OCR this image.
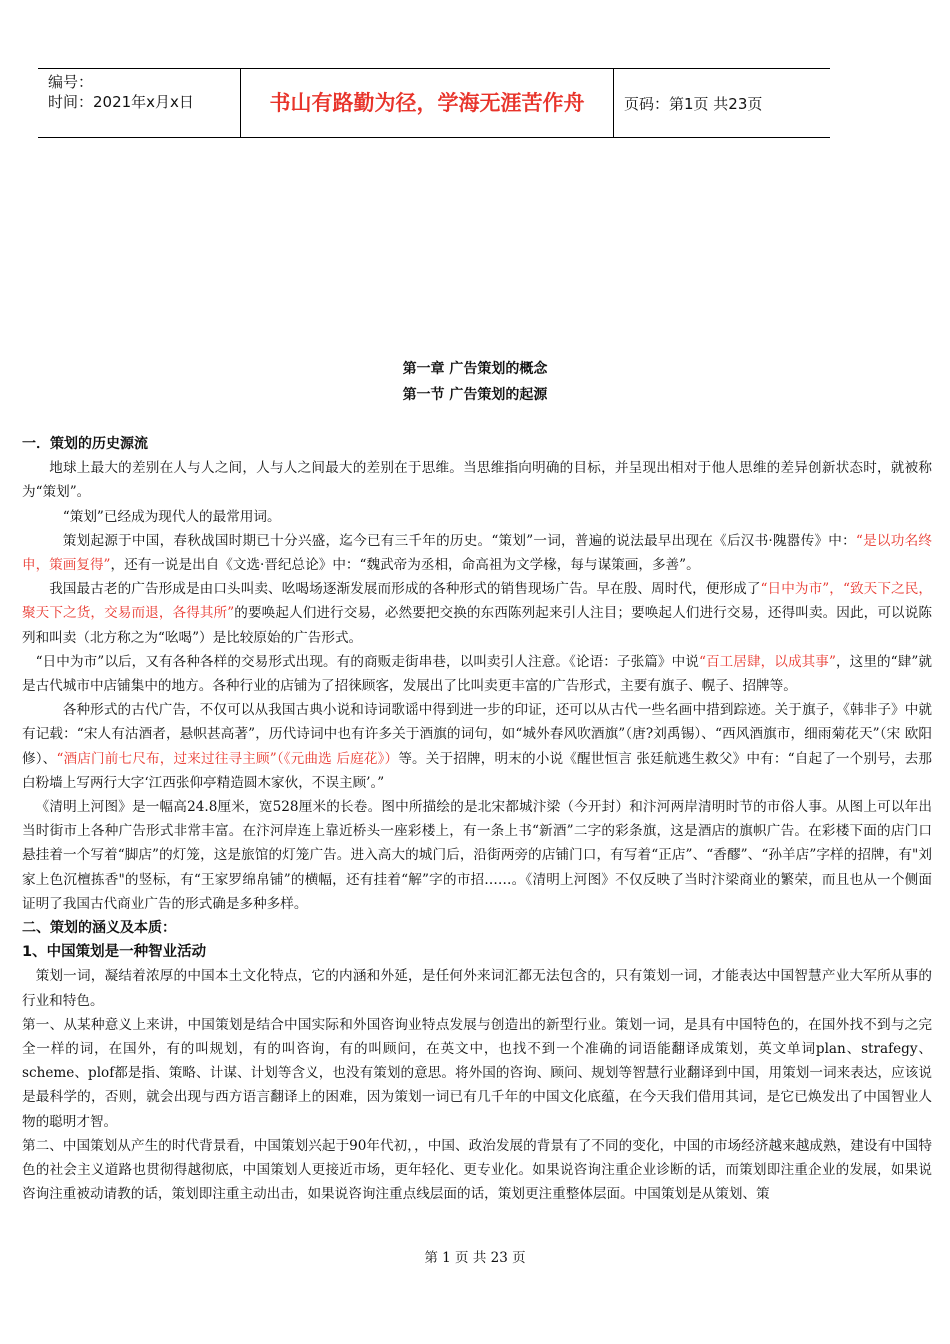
编号：
时间：2021年x月x日	书山有路勤为径，学海无涯苦作舟	页码：第1页 共23页
第一章 广告策划的概念
第一节 广告策划的起源

一．策划的历史源流

地球上最大的差别在人与人之间，人与人之间最大的差别在于思维。当思维指向明确的目标，并呈现出相对于他人思维的差异创新状态时，就被称为“策划”。

“策划”已经成为现代人的最常用词。

策划起源于中国，春秋战国时期已十分兴盛，迄今已有三千年的历史。“策划”一词，普遍的说法最早出现在《后汉书·隗嚣传》中：“是以功名终申，策画复得”，还有一说是出自《文选·晋纪总论》中：“魏武帝为丞相，命高祖为文学椽，每与谋策画，多善”。

我国最古老的广告形成是由口头叫卖、吆喝场逐渐发展而形成的各种形式的销售现场广告。早在殷、周时代，便形成了“日中为市”，“致天下之民，聚天下之货，交易而退，各得其所”的要唤起人们进行交易，必然要把交换的东西陈列起来引人注目；要唤起人们进行交易，还得叫卖。因此，可以说陈列和叫卖（北方称之为“吆喝”）是比较原始的广告形式。

“日中为市”以后，又有各种各样的交易形式出现。有的商贩走街串巷，以叫卖引人注意。《论语：子张篇》中说“百工居肆，以成其事”，这里的“肆”就是古代城市中店铺集中的地方。各种行业的店铺为了招徕顾客，发展出了比叫卖更丰富的广告形式，主要有旗子、幌子、招牌等。

各种形式的古代广告，不仅可以从我国古典小说和诗词歌谣中得到进一步的印证，还可以从古代一些名画中措到踪迹。关于旗子，《韩非子》中就有记载：“宋人有沽酒者，悬帜甚高著”，历代诗词中也有许多关于酒旗的词句，如“城外春风吹酒旗”（唐?刘禹锡）、“西风酒旗市，细雨菊花天”（宋 欧阳修）、“酒店门前七尺布，过来过往寻主顾”（《元曲选 后庭花》）等。关于招牌，明末的小说《醒世恒言 张廷航逃生救父》中有：“自起了一个别号，去那白粉墙上写两行大字‘江西张仰亭精造圆木家伙，不误主顾’。”

《清明上河图》是一幅高24.8厘米，宽528厘米的长卷。图中所描绘的是北宋都城汴梁（今开封）和汴河两岸清明时节的市俗人事。从图上可以年出当时街市上各种广告形式非常丰富。在汴河岸连上靠近桥头一座彩楼上，有一条上书“新酒”二字的彩条旗，这是酒店的旗帜广告。在彩楼下面的店门口悬挂着一个写着“脚店”的灯笼，这是旅馆的灯笼广告。进入高大的城门后，沿街两旁的店铺门口，有写着“正店”、“香醪”、“孙羊店”字样的招牌，有"刘家上色沉檀拣香"的竖标，有“王家罗绵帛铺”的横幅，还有挂着“解”字的市招……。《清明上河图》不仅反映了当时汴梁商业的繁荣，而且也从一个侧面证明了我国古代商业广告的形式确是多种多样。

二、策划的涵义及本质：

1、中国策划是一种智业活动

策划一词，凝结着浓厚的中国本土文化特点，它的内涵和外延，是任何外来词汇都无法包含的，只有策划一词，才能表达中国智慧产业大军所从事的行业和特色。

第一、从某种意义上来讲，中国策划是结合中国实际和外国咨询业特点发展与创造出的新型行业。策划一词，是具有中国特色的，在国外找不到与之完全一样的词，在国外，有的叫规划，有的叫咨询，有的叫顾问，在英文中，也找不到一个准确的词语能翻译成策划，英文单词plan、strafegy、scheme、plof都是指、策略、计谋、计划等含义，也没有策划的意思。将外国的咨询、顾问、规划等智慧行业翻译到中国，用策划一词来表达，应该说是最科学的，否则，就会出现与西方语言翻译上的困难，因为策划一词已有几千年的中国文化底蕴，在今天我们借用其词，是它已焕发出了中国智业人物的聪明才智。

第二、中国策划从产生的时代背景看，中国策划兴起于90年代初，，中国、政治发展的背景有了不同的变化，中国的市场经济越来越成熟，建设有中国特色的社会主义道路也贯彻得越彻底，中国策划人更接近市场，更年轻化、更专业化。如果说咨询注重企业诊断的话，而策划即注重企业的发展，如果说咨询注重被动请教的话，策划即注重主动出击，如果说咨询注重点线层面的话，策划更注重整体层面。中国策划是从策划、策

第 1 页 共 23 页
